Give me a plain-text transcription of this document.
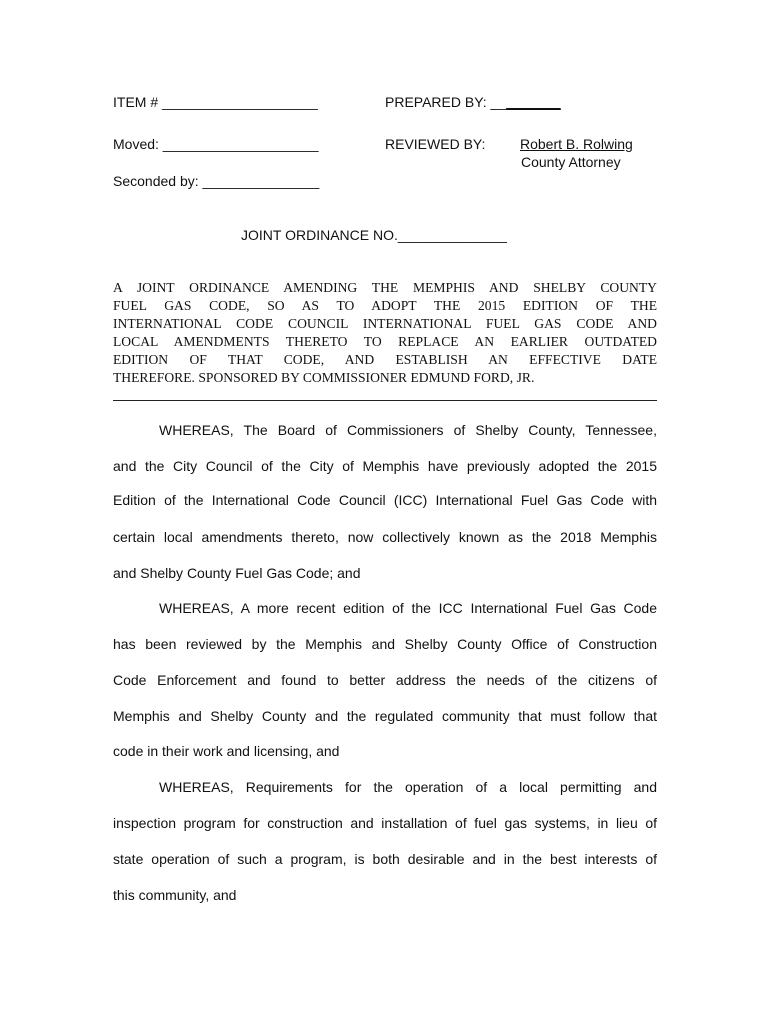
ITEM # ____________________
Moved: ____________________
Seconded by: _______________
PREPARED BY: _________
REVIEWED BY:	Robert B. Rolwing
County Attorney
JOINT ORDINANCE NO.______________
A JOINT ORDINANCE AMENDING THE MEMPHIS AND SHELBY COUNTY
FUEL GAS CODE, SO AS TO ADOPT THE 2015 EDITION OF THE
INTERNATIONAL CODE COUNCIL INTERNATIONAL FUEL GAS CODE AND
LOCAL AMENDMENTS THERETO TO REPLACE AN EARLIER OUTDATED
EDITION OF THAT CODE, AND ESTABLISH AN EFFECTIVE DATE
THEREFORE. SPONSORED BY COMMISSIONER EDMUND FORD, JR.
WHEREAS, The Board of Commissioners of Shelby County, Tennessee,
and the City Council of the City of Memphis have previously adopted the 2015
Edition of the International Code Council (ICC) International Fuel Gas Code with
certain local amendments thereto, now collectively known as the 2018 Memphis
and Shelby County Fuel Gas Code; and
WHEREAS, A more recent edition of the ICC International Fuel Gas Code
has been reviewed by the Memphis and Shelby County Office of Construction
Code Enforcement and found to better address the needs of the citizens of
Memphis and Shelby County and the regulated community that must follow that
code in their work and licensing, and
WHEREAS, Requirements for the operation of a local permitting and
inspection program for construction and installation of fuel gas systems, in lieu of
state operation of such a program, is both desirable and in the best interests of
this community, and
